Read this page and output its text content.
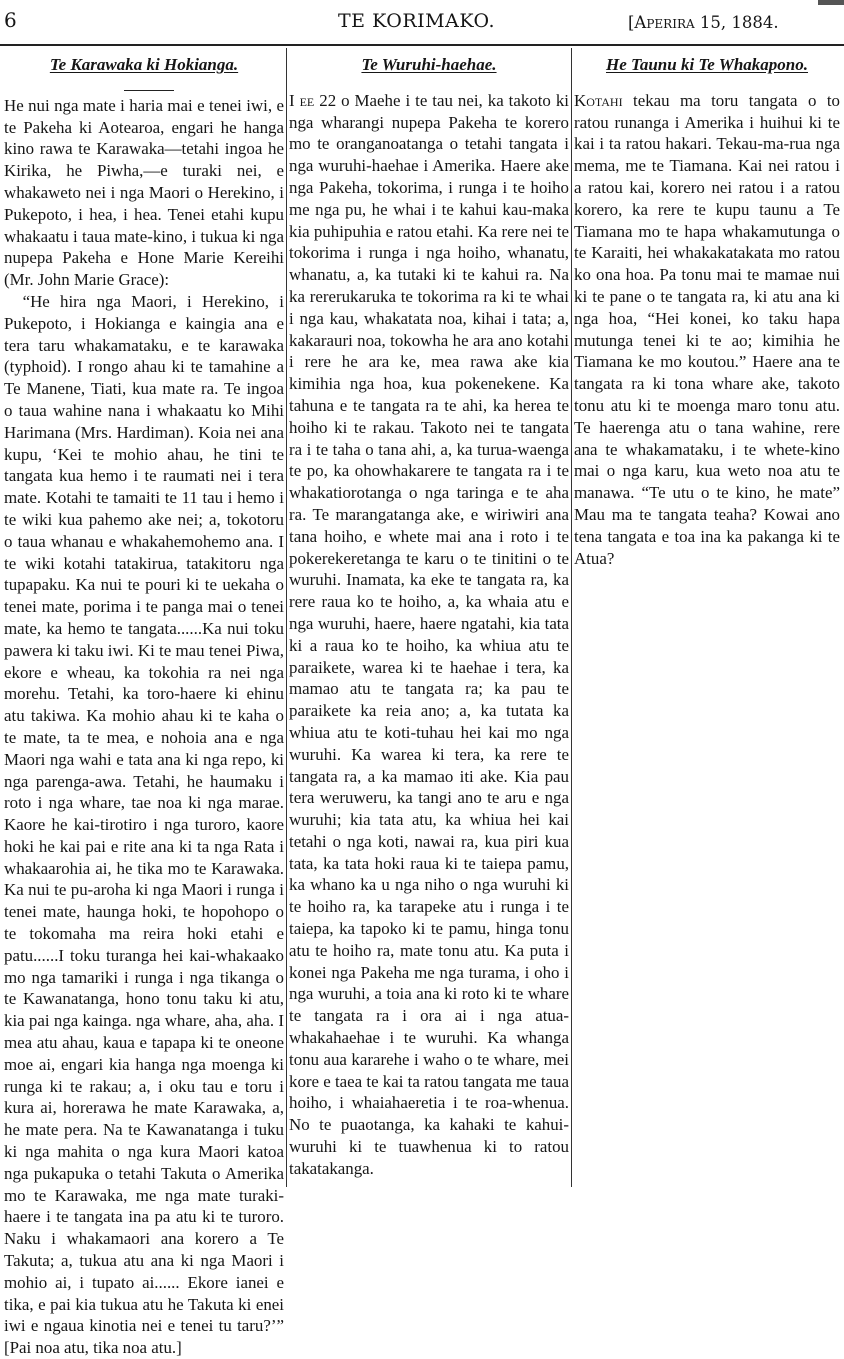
6	TE KORIMAKO.	[Aperira 15, 1884.
Te Karawaka ki Hokianga.

He nui nga mate i haria mai e tenei iwi, e te Pakeha ki Aotearoa, engari he hanga kino rawa te Karawaka—tetahi ingoa he Kirika, he Piwha,—e turaki nei, e whakaweto nei i nga Maori o Herekino, i Pukepoto, i hea, i hea. Tenei etahi kupu whakaatu i taua mate-kino, i tukua ki nga nupepa Pakeha e Hone Marie Kereihi (Mr. John Marie Grace):

“He hira nga Maori, i Herekino, i Pukepoto, i Hokianga e kaingia ana e tera taru whakamataku, e te karawaka (typhoid). I rongo ahau ki te tamahine a Te Manene, Tiati, kua mate ra. Te ingoa o taua wahine nana i whakaatu ko Mihi Harimana (Mrs. Hardiman). Koia nei ana kupu, ‘Kei te mohio ahau, he tini te tangata kua hemo i te raumati nei i tera mate. Kotahi te tamaiti te 11 tau i hemo i te wiki kua pahemo ake nei; a, tokotoru o taua whanau e whakahemohemo ana. I te wiki kotahi tatakirua, tatakitoru nga tupapaku. Ka nui te pouri ki te uekaha o tenei mate, porima i te panga mai o tenei mate, ka hemo te tangata......Ka nui toku pawera ki taku iwi. Ki te mau tenei Piwa, ekore e wheau, ka tokohia ra nei nga morehu. Tetahi, ka toro-haere ki ehinu atu takiwa. Ka mohio ahau ki te kaha o te mate, ta te mea, e nohoia ana e nga Maori nga wahi e tata ana ki nga repo, ki nga parenga-awa. Tetahi, he haumaku i roto i nga whare, tae noa ki nga marae. Kaore he kai-tirotiro i nga turoro, kaore hoki he kai pai e rite ana ki ta nga Rata i whakaarohia ai, he tika mo te Karawaka. Ka nui te pu-aroha ki nga Maori i runga i tenei mate, haunga hoki, te hopohopo o te tokomaha ma reira hoki etahi e patu......I toku turanga hei kai-whakaako mo nga tamariki i runga i nga tikanga o te Kawanatanga, hono tonu taku ki atu, kia pai nga kainga. nga whare, aha, aha. I mea atu ahau, kaua e tapapa ki te oneone moe ai, engari kia hanga nga moenga ki runga ki te rakau; a, i oku tau e toru i kura ai, horerawa he mate Karawaka, a, he mate pera. Na te Kawanatanga i tuku ki nga mahita o nga kura Maori katoa nga pukapuka o tetahi Takuta o Amerika mo te Karawaka, me nga mate turaki-haere i te tangata ina pa atu ki te turoro. Naku i whakamaori ana korero a Te Takuta; a, tukua atu ana ki nga Maori i mohio ai, i tupato ai...... Ekore ianei e tika, e pai kia tukua atu he Takuta ki enei iwi e ngaua kinotia nei e tenei tu taru?’” [Pai noa atu, tika noa atu.]

Te Wuruhi-haehae.

I ee 22 o Maehe i te tau nei, ka takoto ki nga wharangi nupepa Pakeha te korero mo te oranganoatanga o tetahi tangata i nga wuruhi-haehae i Amerika. Haere ake nga Pakeha, tokorima, i runga i te hoiho me nga pu, he whai i te kahui kau-maka kia puhipuhia e ratou etahi. Ka rere nei te tokorima i runga i nga hoiho, whanatu, whanatu, a, ka tutaki ki te kahui ra. Na ka rererukaruka te tokorima ra ki te whai i nga kau, whakatata noa, kihai i tata; a, kakarauri noa, tokowha he ara ano kotahi i rere he ara ke, mea rawa ake kia kimihia nga hoa, kua pokenekene. Ka tahuna e te tangata ra te ahi, ka herea te hoiho ki te rakau. Takoto nei te tangata ra i te taha o tana ahi, a, ka turua-waenga te po, ka ohowhakarere te tangata ra i te whakatiorotanga o nga taringa e te aha ra. Te marangatanga ake, e wiriwiri ana tana hoiho, e whete mai ana i roto i te pokerekeretanga te karu o te tinitini o te wuruhi. Inamata, ka eke te tangata ra, ka rere raua ko te hoiho, a, ka whaia atu e nga wuruhi, haere, haere ngatahi, kia tata ki a raua ko te hoiho, ka whiua atu te paraikete, warea ki te haehae i tera, ka mamao atu te tangata ra; ka pau te paraikete ka reia ano; a, ka tutata ka whiua atu te koti-tuhau hei kai mo nga wuruhi. Ka warea ki tera, ka rere te tangata ra, a ka mamao iti ake. Kia pau tera weruweru, ka tangi ano te aru e nga wuruhi; kia tata atu, ka whiua hei kai tetahi o nga koti, nawai ra, kua piri kua tata, ka tata hoki raua ki te taiepa pamu, ka whano ka u nga niho o nga wuruhi ki te hoiho ra, ka tarapeke atu i runga i te taiepa, ka tapoko ki te pamu, hinga tonu atu te hoiho ra, mate tonu atu. Ka puta i konei nga Pakeha me nga turama, i oho i nga wuruhi, a toia ana ki roto ki te whare te tangata ra i ora ai i nga atua-whakahaehae i te wuruhi. Ka whanga tonu aua kararehe i waho o te whare, mei kore e taea te kai ta ratou tangata me taua hoiho, i whaiahaeretia i te roa-whenua. No te puaotanga, ka kahaki te kahui-wuruhi ki te tuawhenua ki to ratou takatakanga.

He Taunu ki Te Whakapono.

Kotahi tekau ma toru tangata o to ratou runanga i Amerika i huihui ki te kai i ta ratou hakari. Tekau-ma-rua nga mema, me te Tiamana. Kai nei ratou i a ratou kai, korero nei ratou i a ratou korero, ka rere te kupu taunu a Te Tiamana mo te hapa whakamutunga o te Karaiti, hei whakakatakata mo ratou ko ona hoa. Pa tonu mai te mamae nui ki te pane o te tangata ra, ki atu ana ki nga hoa, “Hei konei, ko taku hapa mutunga tenei ki te ao; kimihia he Tiamana ke mo koutou.” Haere ana te tangata ra ki tona whare ake, takoto tonu atu ki te moenga maro tonu atu. Te haerenga atu o tana wahine, rere ana te whakamataku, i te whete-kino mai o nga karu, kua weto noa atu te manawa. “Te utu o te kino, he mate” Mau ma te tangata teaha? Kowai ano tena tangata e toa ina ka pakanga ki te Atua?
